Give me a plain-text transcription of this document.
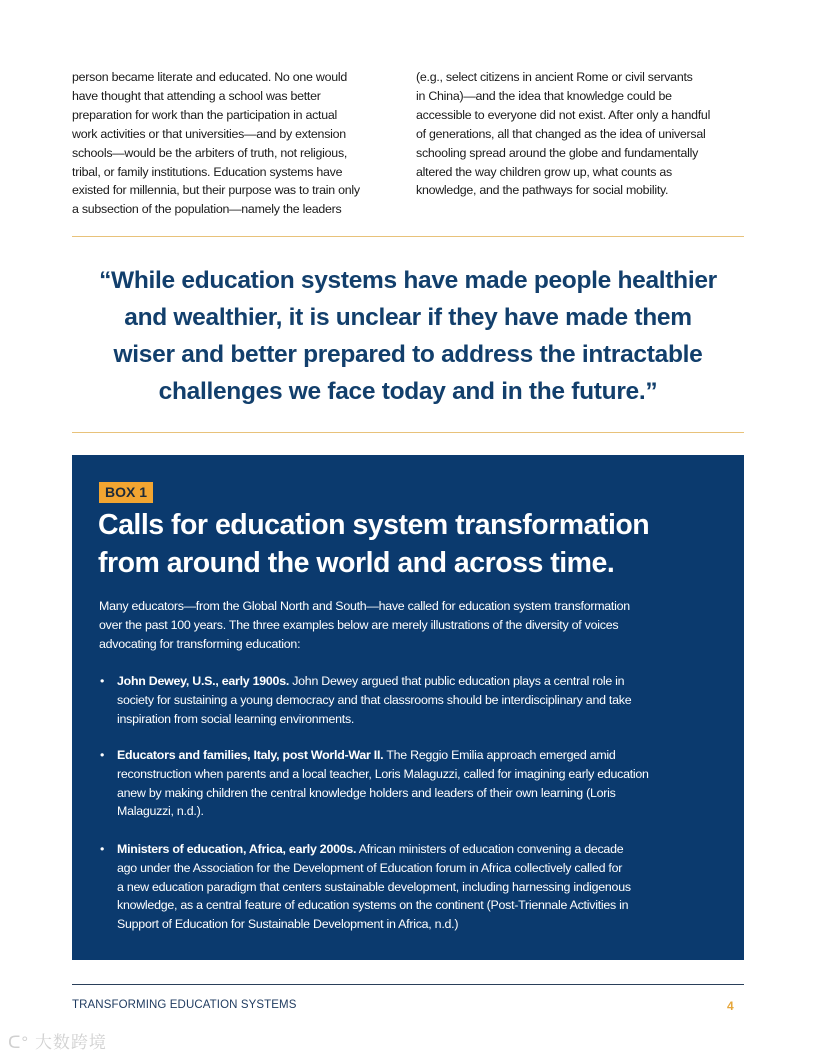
person became literate and educated. No one would
have thought that attending a school was better
preparation for work than the participation in actual
work activities or that universities—and by extension
schools—would be the arbiters of truth, not religious,
tribal, or family institutions. Education systems have
existed for millennia, but their purpose was to train only
a subsection of the population—namely the leaders
(e.g., select citizens in ancient Rome or civil servants
in China)—and the idea that knowledge could be
accessible to everyone did not exist. After only a handful
of generations, all that changed as the idea of universal
schooling spread around the globe and fundamentally
altered the way children grow up, what counts as
knowledge, and the pathways for social mobility.
“While education systems have made people healthier
and wealthier, it is unclear if they have made them
wiser and better prepared to address the intractable
challenges we face today and in the future.”
BOX 1
Calls for education system transformation
from around the world and across time.
Many educators—from the Global North and South—have called for education system transformation
over the past 100 years. The three examples below are merely illustrations of the diversity of voices
advocating for transforming education:
• John Dewey, U.S., early 1900s. John Dewey argued that public education plays a central role in
society for sustaining a young democracy and that classrooms should be interdisciplinary and take
inspiration from social learning environments.
• Educators and families, Italy, post World-War II. The Reggio Emilia approach emerged amid
reconstruction when parents and a local teacher, Loris Malaguzzi, called for imagining early education
anew by making children the central knowledge holders and leaders of their own learning (Loris
Malaguzzi, n.d.).
• Ministers of education, Africa, early 2000s. African ministers of education convening a decade
ago under the Association for the Development of Education forum in Africa collectively called for
a new education paradigm that centers sustainable development, including harnessing indigenous
knowledge, as a central feature of education systems on the continent (Post-Triennale Activities in
Support of Education for Sustainable Development in Africa, n.d.)
TRANSFORMING EDUCATION SYSTEMS	4
ᑕ° 大数跨境
